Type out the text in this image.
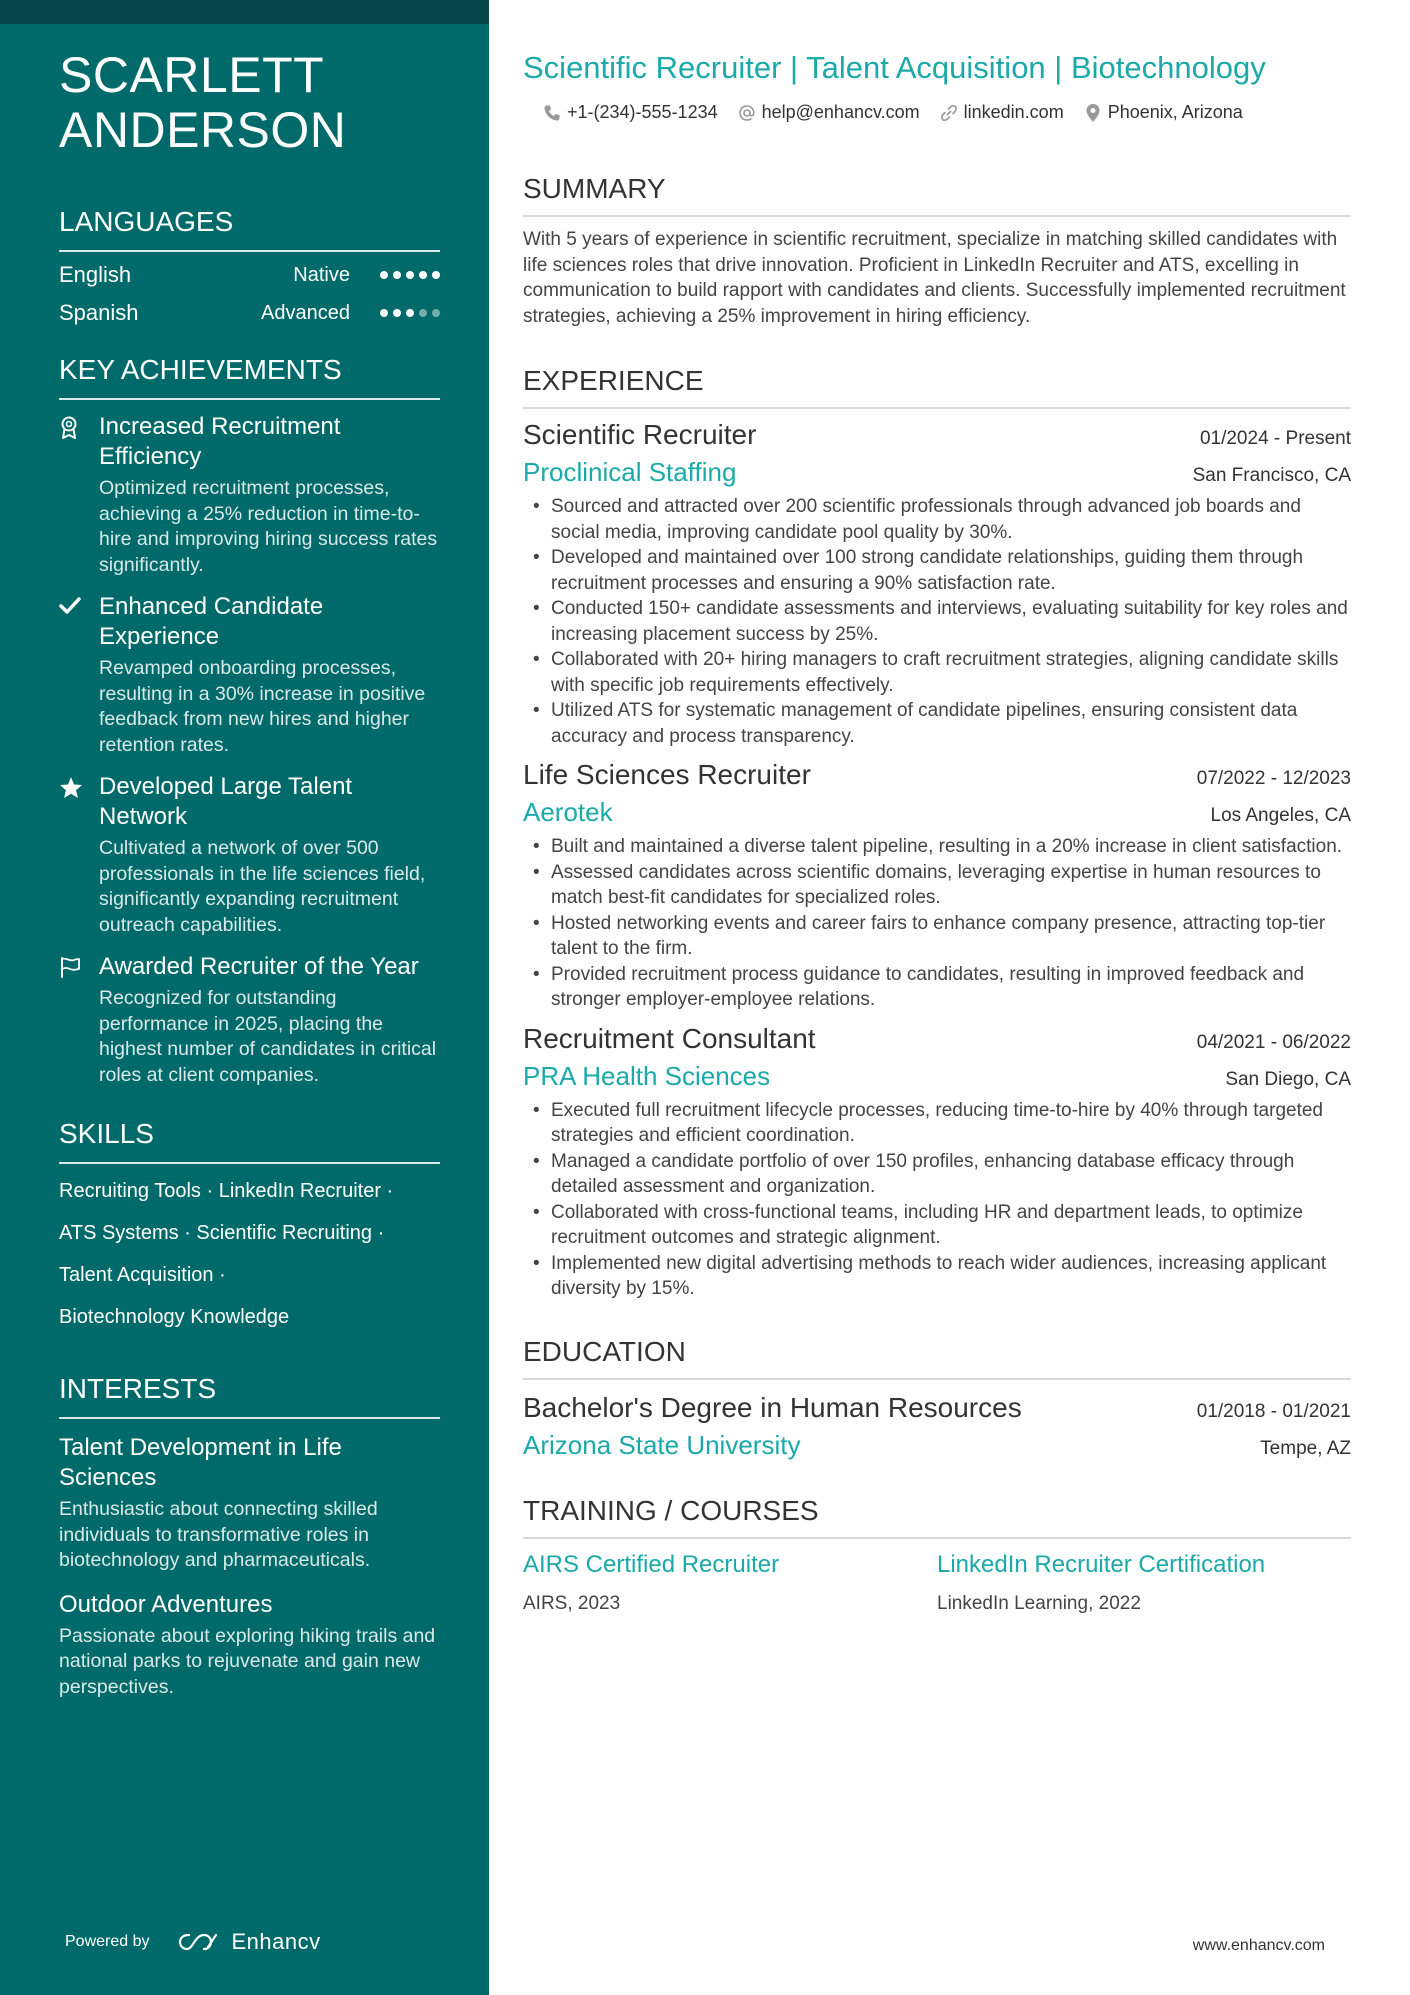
SCARLETT
ANDERSON
LANGUAGES
English	Native
Spanish	Advanced
KEY ACHIEVEMENTS
Increased Recruitment Efficiency
Optimized recruitment processes, achieving a 25% reduction in time-to-hire and improving hiring success rates significantly.
Enhanced Candidate Experience
Revamped onboarding processes, resulting in a 30% increase in positive feedback from new hires and higher retention rates.
Developed Large Talent Network
Cultivated a network of over 500 professionals in the life sciences field, significantly expanding recruitment outreach capabilities.
Awarded Recruiter of the Year
Recognized for outstanding performance in 2025, placing the highest number of candidates in critical roles at client companies.
SKILLS
Recruiting Tools · LinkedIn Recruiter ·
ATS Systems · Scientific Recruiting ·
Talent Acquisition ·
Biotechnology Knowledge
INTERESTS
Talent Development in Life Sciences
Enthusiastic about connecting skilled individuals to transformative roles in biotechnology and pharmaceuticals.
Outdoor Adventures
Passionate about exploring hiking trails and national parks to rejuvenate and gain new perspectives.
Powered by	Enhancv
Scientific Recruiter | Talent Acquisition | Biotechnology
+1-(234)-555-1234 help@enhancv.com linkedin.com Phoenix, Arizona
SUMMARY

With 5 years of experience in scientific recruitment, specialize in matching skilled candidates with life sciences roles that drive innovation. Proficient in LinkedIn Recruiter and ATS, excelling in communication to build rapport with candidates and clients. Successfully implemented recruitment strategies, achieving a 25% improvement in hiring efficiency.

EXPERIENCE
Scientific Recruiter	01/2024 - Present
Proclinical Staffing	San Francisco, CA
• Sourced and attracted over 200 scientific professionals through advanced job boards and social media, improving candidate pool quality by 30%.
• Developed and maintained over 100 strong candidate relationships, guiding them through recruitment processes and ensuring a 90% satisfaction rate.
• Conducted 150+ candidate assessments and interviews, evaluating suitability for key roles and increasing placement success by 25%.
• Collaborated with 20+ hiring managers to craft recruitment strategies, aligning candidate skills with specific job requirements effectively.
• Utilized ATS for systematic management of candidate pipelines, ensuring consistent data accuracy and process transparency.
Life Sciences Recruiter	07/2022 - 12/2023
Aerotek	Los Angeles, CA
• Built and maintained a diverse talent pipeline, resulting in a 20% increase in client satisfaction.
• Assessed candidates across scientific domains, leveraging expertise in human resources to match best-fit candidates for specialized roles.
• Hosted networking events and career fairs to enhance company presence, attracting top-tier talent to the firm.
• Provided recruitment process guidance to candidates, resulting in improved feedback and stronger employer-employee relations.
Recruitment Consultant	04/2021 - 06/2022
PRA Health Sciences	San Diego, CA
• Executed full recruitment lifecycle processes, reducing time-to-hire by 40% through targeted strategies and efficient coordination.
• Managed a candidate portfolio of over 150 profiles, enhancing database efficacy through detailed assessment and organization.
• Collaborated with cross-functional teams, including HR and department leads, to optimize recruitment outcomes and strategic alignment.
• Implemented new digital advertising methods to reach wider audiences, increasing applicant diversity by 15%.
EDUCATION
Bachelor's Degree in Human Resources	01/2018 - 01/2021
Arizona State University	Tempe, AZ
TRAINING / COURSES
AIRS Certified Recruiter
AIRS, 2023
LinkedIn Recruiter Certification
LinkedIn Learning, 2022
www.enhancv.com
